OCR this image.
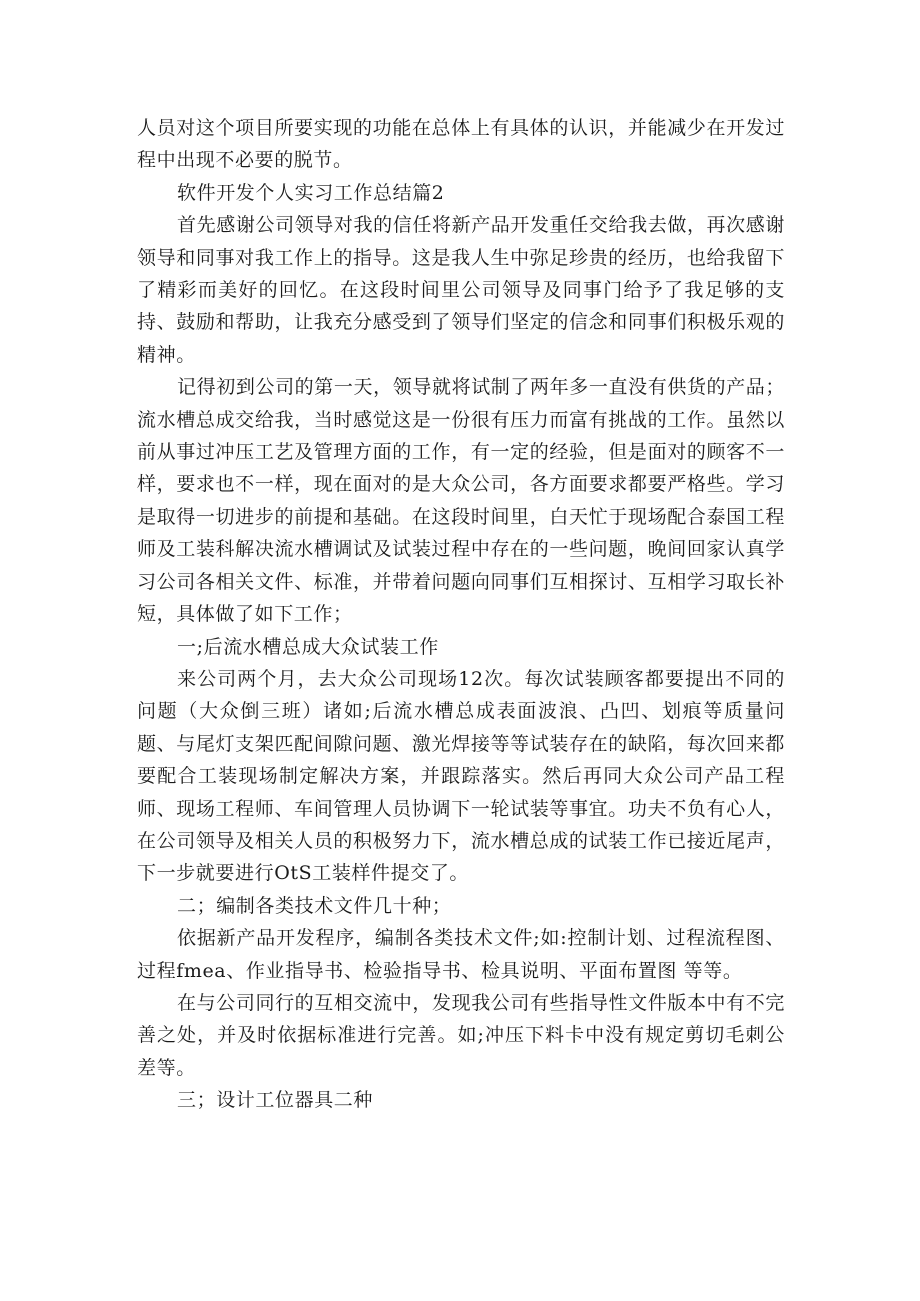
人员对这个项目所要实现的功能在总体上有具体的认识，并能减少在开发过程中出现不必要的脱节。

软件开发个人实习工作总结篇2

首先感谢公司领导对我的信任将新产品开发重任交给我去做，再次感谢领导和同事对我工作上的指导。这是我人生中弥足珍贵的经历，也给我留下了精彩而美好的回忆。在这段时间里公司领导及同事门给予了我足够的支持、鼓励和帮助，让我充分感受到了领导们坚定的信念和同事们积极乐观的精神。

记得初到公司的第一天，领导就将试制了两年多一直没有供货的产品；流水槽总成交给我，当时感觉这是一份很有压力而富有挑战的工作。虽然以前从事过冲压工艺及管理方面的工作，有一定的经验，但是面对的顾客不一样，要求也不一样，现在面对的是大众公司，各方面要求都要严格些。学习是取得一切进步的前提和基础。在这段时间里，白天忙于现场配合泰国工程师及工装科解决流水槽调试及试装过程中存在的一些问题，晚间回家认真学习公司各相关文件、标准，并带着问题向同事们互相探讨、互相学习取长补短，具体做了如下工作；

一;后流水槽总成大众试装工作

来公司两个月，去大众公司现场12次。每次试装顾客都要提出不同的问题（大众倒三班）诸如;后流水槽总成表面波浪、凸凹、划痕等质量问题、与尾灯支架匹配间隙问题、激光焊接等等试装存在的缺陷，每次回来都要配合工装现场制定解决方案，并跟踪落实。然后再同大众公司产品工程师、现场工程师、车间管理人员协调下一轮试装等事宜。功夫不负有心人，在公司领导及相关人员的积极努力下，流水槽总成的试装工作已接近尾声，下一步就要进行OtS工装样件提交了。

二；编制各类技术文件几十种；

依据新产品开发程序，编制各类技术文件;如:控制计划、过程流程图、过程fmea、作业指导书、检验指导书、检具说明、平面布置图 等等。

在与公司同行的互相交流中，发现我公司有些指导性文件版本中有不完善之处，并及时依据标准进行完善。如;冲压下料卡中没有规定剪切毛刺公差等。

三；设计工位器具二种
